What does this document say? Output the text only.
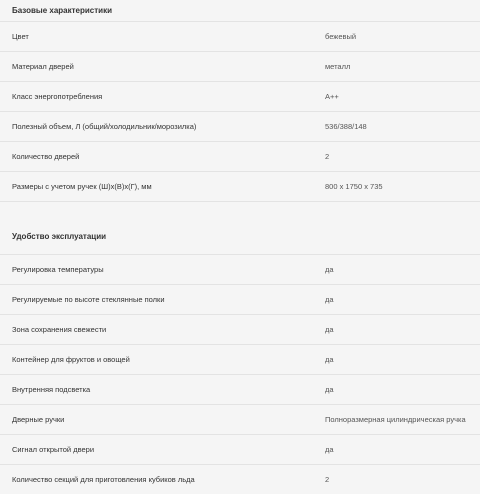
Базовые характеристики
Цвет	бежевый
Материал дверей	металл
Класс энергопотребления	A++
Полезный объем, Л (общий/холодильник/морозилка)	536/388/148
Количество дверей	2
Размеры с учетом ручек (Ш)х(В)х(Г), мм	800 x 1750 x 735
Удобство эксплуатации
Регулировка температуры	да
Регулируемые по высоте стеклянные полки	да
Зона сохранения свежести	да
Контейнер для фруктов и овощей	да
Внутренняя подсветка	да
Дверные ручки	Полноразмерная цилиндрическая ручка
Сигнал открытой двери	да
Количество секций для приготовления кубиков льда	2
